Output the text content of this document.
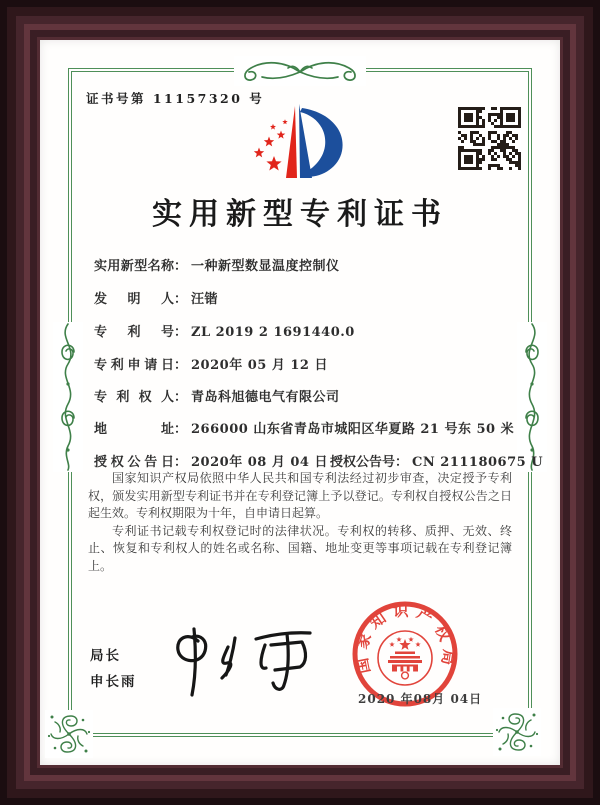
证书号第 11157320 号
实用新型专利证书
实用新型名称： 一种新型数显温度控制仪
发明人： 汪锴
专利号： ZL 2019 2 1691440.0
专利申请日： 2020年 05 月 12 日
专利权人： 青岛科旭德电气有限公司
地址： 266000 山东省青岛市城阳区华夏路 21 号东 50 米
授权公告日： 2020年 08 月 04 日 授权公告号： CN 211180675 U

国家知识产权局依照中华人民共和国专利法经过初步审查，决定授予专利权，颁发实用新型专利证书并在专利登记簿上予以登记。专利权自授权公告之日起生效。专利权期限为十年，自申请日起算。

专利证书记载专利权登记时的法律状况。专利权的转移、质押、无效、终止、恢复和专利权人的姓名或名称、国籍、地址变更等事项记载在专利登记簿上。

局长
申长雨
国家知识产权局
2020 年08月 04日
